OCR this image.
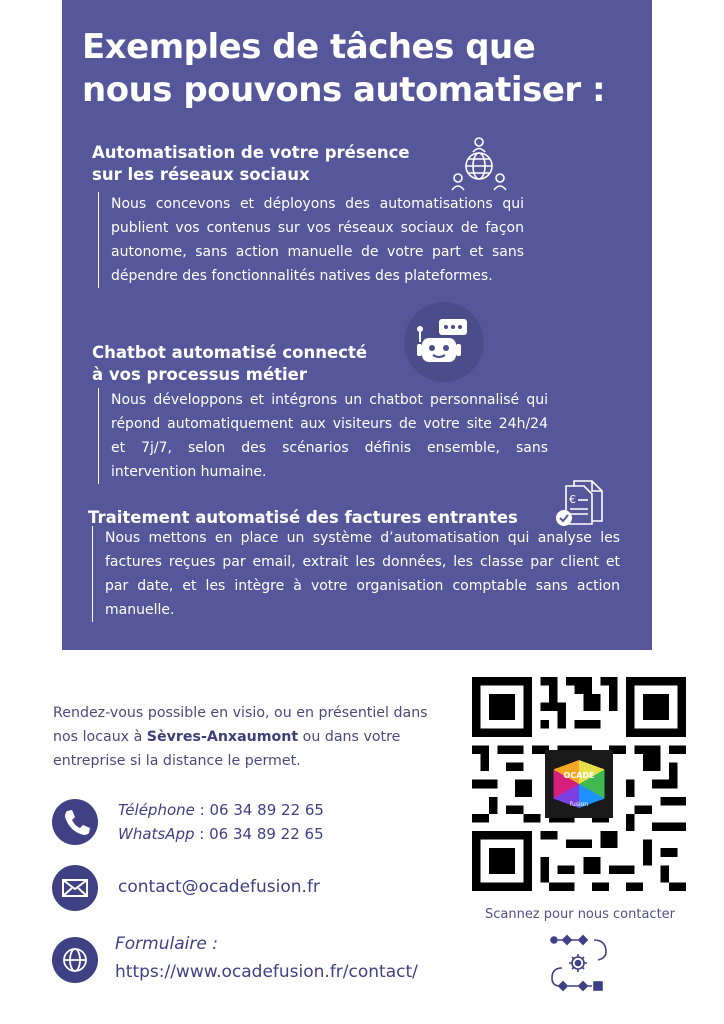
Exemples de tâches que
nous pouvons automatiser :
Automatisation de votre présence
sur les réseaux sociaux
Nous concevons et déployons des automatisations qui publient vos contenus sur vos réseaux sociaux de façon autonome, sans action manuelle de votre part et sans dépendre des fonctionnalités natives des plateformes.
Chatbot automatisé connecté
à vos processus métier
Nous développons et intégrons un chatbot personnalisé qui répond automatiquement aux visiteurs de votre site 24h/24 et 7j/7, selon des scénarios définis ensemble, sans intervention humaine.
Traitement automatisé des factures entrantes
€
Nous mettons en place un système d’automatisation qui analyse les factures reçues par email, extrait les données, les classe par client et par date, et les intègre à votre organisation comptable sans action manuelle.
Rendez-vous possible en visio, ou en présentiel dans nos locaux à Sèvres-Anxaumont ou dans votre entreprise si la distance le permet.
Téléphone : 06 34 89 22 65
WhatsApp : 06 34 89 22 65
contact@ocadefusion.fr
Formulaire :
https://www.ocadefusion.fr/contact/
OCADE
fusion
Scannez pour nous contacter
